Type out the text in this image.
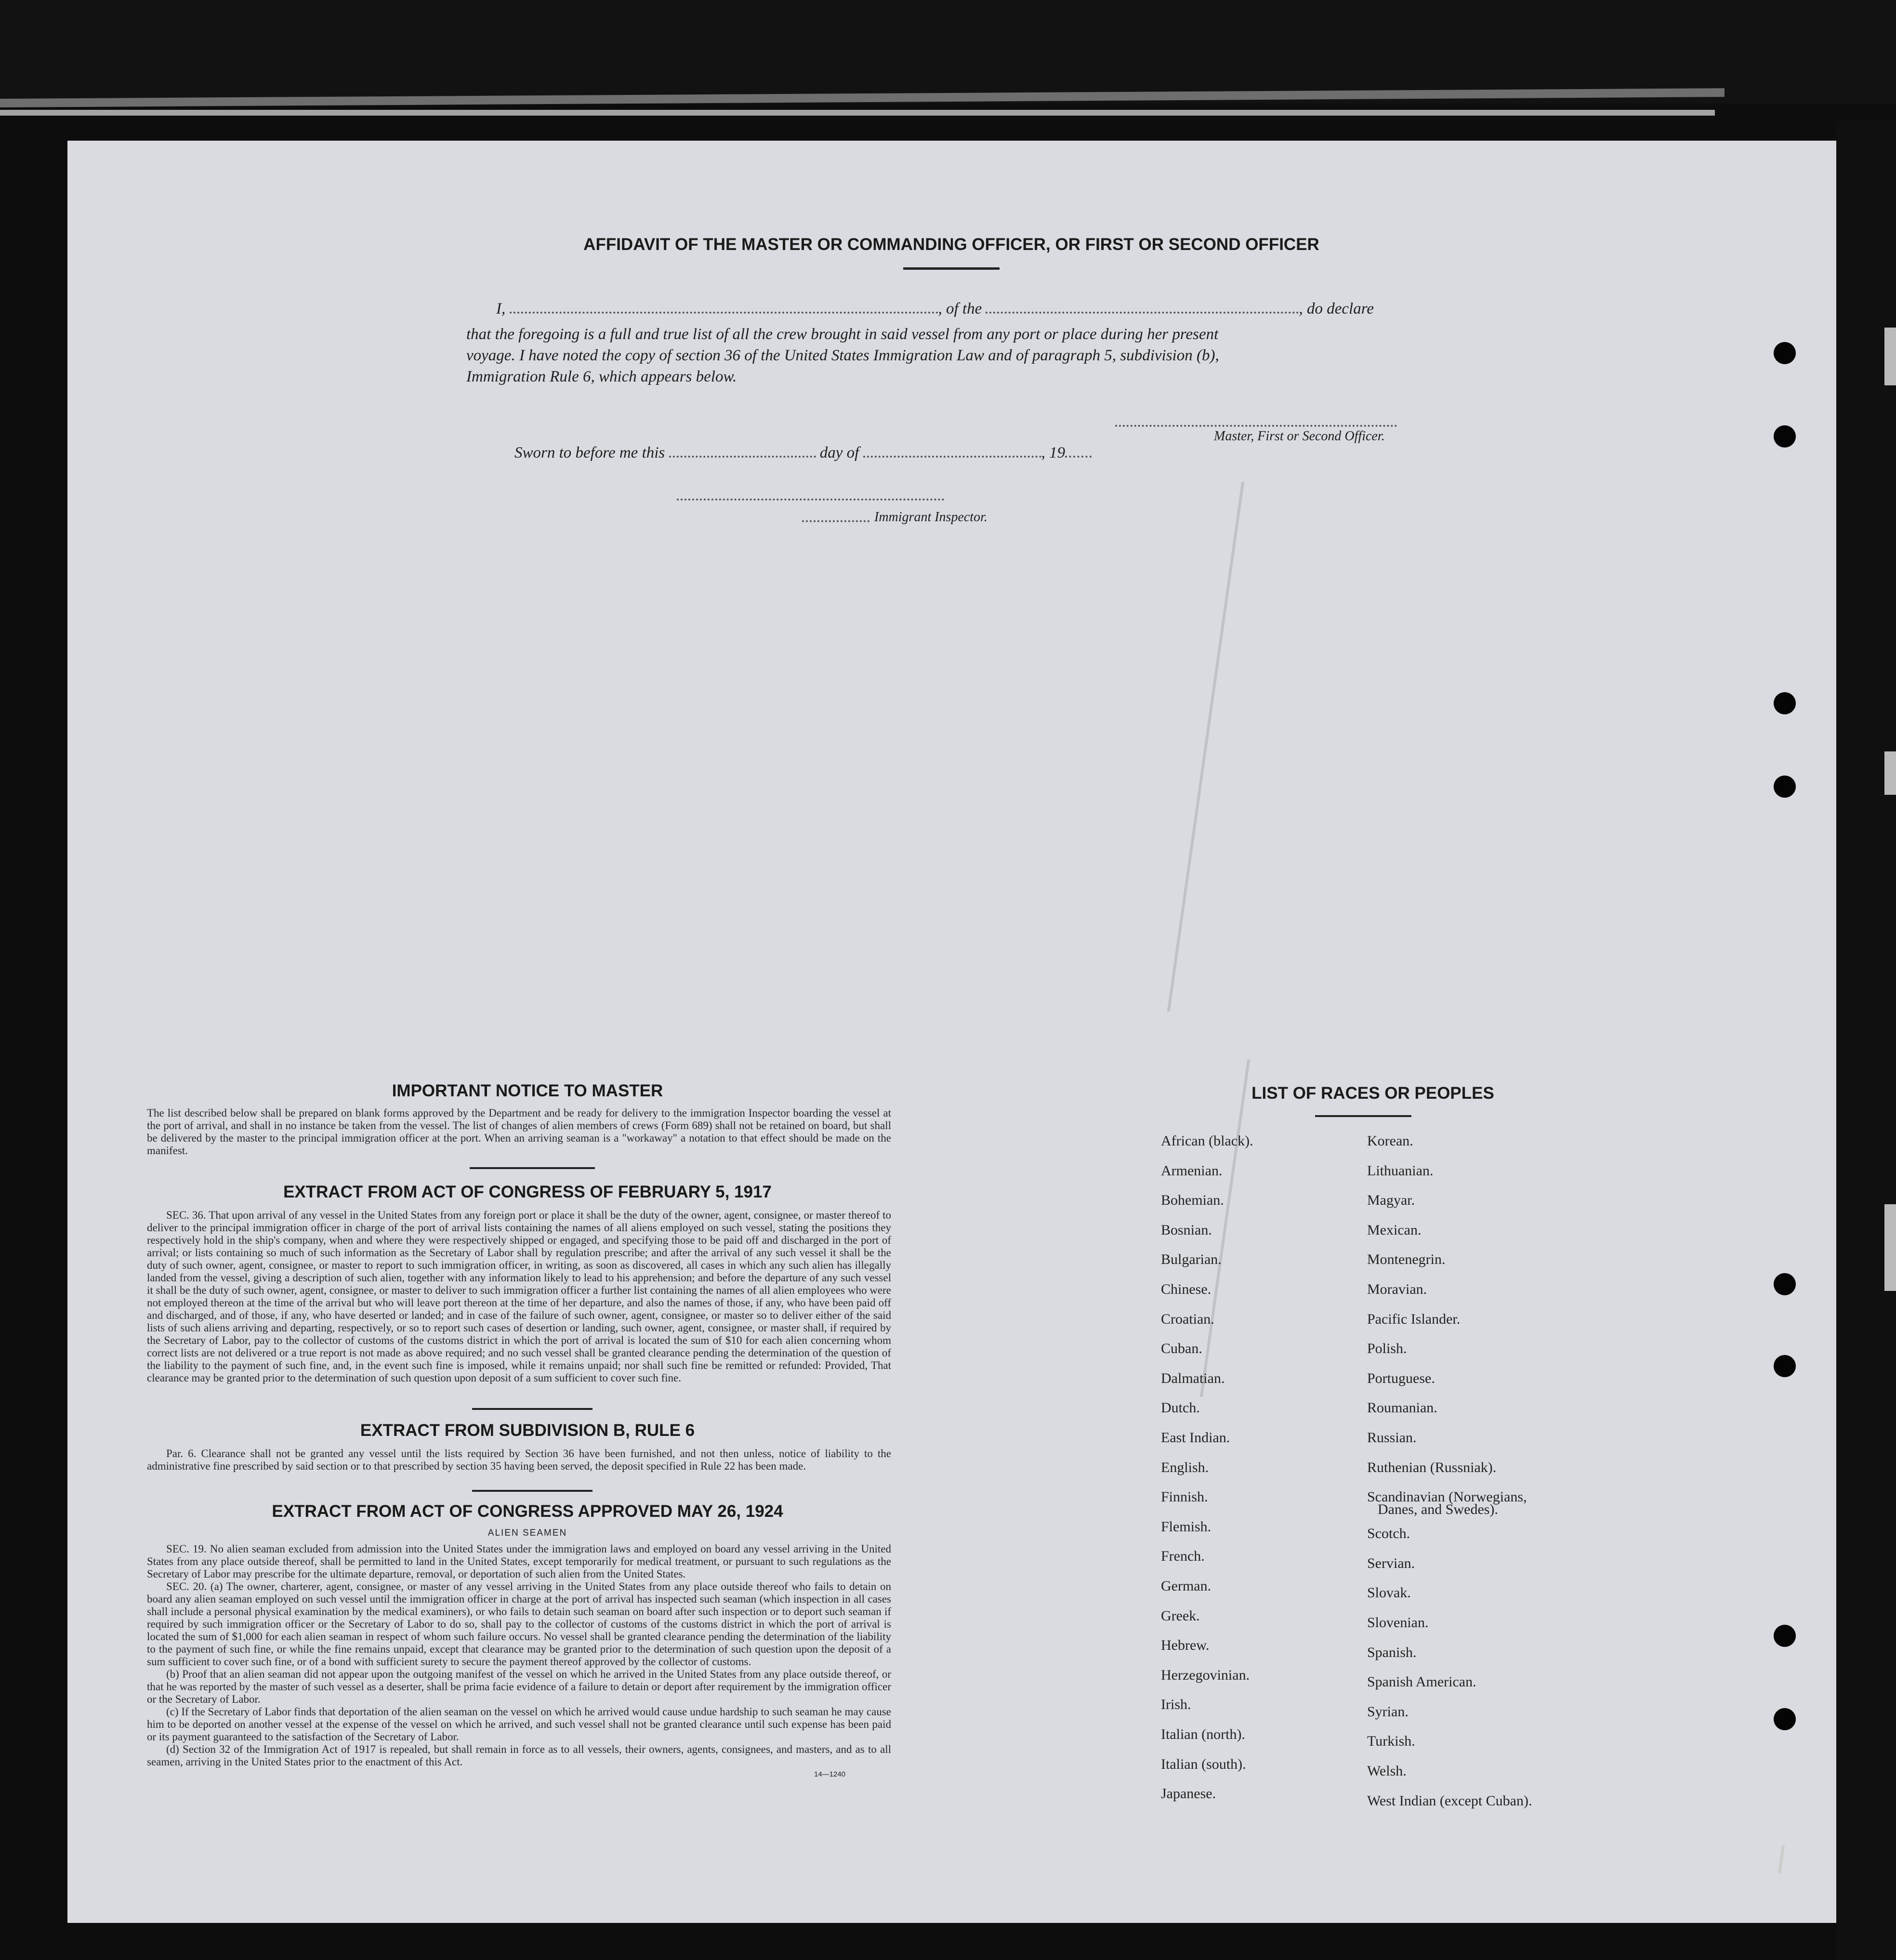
AFFIDAVIT OF THE MASTER OR COMMANDING OFFICER, OR FIRST OR SECOND OFFICER
I,	, of the	, do declare
that the foregoing is a full and true list of all the crew brought in said vessel from any port or place during her present
voyage. I have noted the copy of section 36 of the United States Immigration Law and of paragraph 5, subdivision (b),
Immigration Rule 6, which appears below.
Master, First or Second Officer.
Sworn to before me this	day of	, 19
Immigrant Inspector.
IMPORTANT NOTICE TO MASTER
The list described below shall be prepared on blank forms approved by the Department and be ready for delivery to the immigration Inspector boarding the vessel at the port of arrival, and shall in no instance be taken from the vessel. The list of changes of alien members of crews (Form 689) shall not be retained on board, but shall be delivered by the master to the principal immigration officer at the port. When an arriving seaman is a "workaway" a notation to that effect should be made on the manifest.
EXTRACT FROM ACT OF CONGRESS OF FEBRUARY 5, 1917
SEC. 36. That upon arrival of any vessel in the United States from any foreign port or place it shall be the duty of the owner, agent, consignee, or master thereof to deliver to the principal immigration officer in charge of the port of arrival lists containing the names of all aliens employed on such vessel, stating the positions they respectively hold in the ship's company, when and where they were respectively shipped or engaged, and specifying those to be paid off and discharged in the port of arrival; or lists containing so much of such information as the Secretary of Labor shall by regulation prescribe; and after the arrival of any such vessel it shall be the duty of such owner, agent, consignee, or master to report to such immigration officer, in writing, as soon as discovered, all cases in which any such alien has illegally landed from the vessel, giving a description of such alien, together with any information likely to lead to his apprehension; and before the departure of any such vessel it shall be the duty of such owner, agent, consignee, or master to deliver to such immigration officer a further list containing the names of all alien employees who were not employed thereon at the time of the arrival but who will leave port thereon at the time of her departure, and also the names of those, if any, who have been paid off and discharged, and of those, if any, who have deserted or landed; and in case of the failure of such owner, agent, consignee, or master so to deliver either of the said lists of such aliens arriving and departing, respectively, or so to report such cases of desertion or landing, such owner, agent, consignee, or master shall, if required by the Secretary of Labor, pay to the collector of customs of the customs district in which the port of arrival is located the sum of $10 for each alien concerning whom correct lists are not delivered or a true report is not made as above required; and no such vessel shall be granted clearance pending the determination of the question of the liability to the payment of such fine, and, in the event such fine is imposed, while it remains unpaid; nor shall such fine be remitted or refunded: Provided, That clearance may be granted prior to the determination of such question upon deposit of a sum sufficient to cover such fine.
EXTRACT FROM SUBDIVISION B, RULE 6
Par. 6. Clearance shall not be granted any vessel until the lists required by Section 36 have been furnished, and not then unless, notice of liability to the administrative fine prescribed by said section or to that prescribed by section 35 having been served, the deposit specified in Rule 22 has been made.
EXTRACT FROM ACT OF CONGRESS APPROVED MAY 26, 1924
ALIEN SEAMEN

SEC. 19. No alien seaman excluded from admission into the United States under the immigration laws and employed on board any vessel arriving in the United States from any place outside thereof, shall be permitted to land in the United States, except temporarily for medical treatment, or pursuant to such regulations as the Secretary of Labor may prescribe for the ultimate departure, removal, or deportation of such alien from the United States.

SEC. 20. (a) The owner, charterer, agent, consignee, or master of any vessel arriving in the United States from any place outside thereof who fails to detain on board any alien seaman employed on such vessel until the immigration officer in charge at the port of arrival has inspected such seaman (which inspection in all cases shall include a personal physical examination by the medical examiners), or who fails to detain such seaman on board after such inspection or to deport such seaman if required by such immigration officer or the Secretary of Labor to do so, shall pay to the collector of customs of the customs district in which the port of arrival is located the sum of $1,000 for each alien seaman in respect of whom such failure occurs. No vessel shall be granted clearance pending the determination of the liability to the payment of such fine, or while the fine remains unpaid, except that clearance may be granted prior to the determination of such question upon the deposit of a sum sufficient to cover such fine, or of a bond with sufficient surety to secure the payment thereof approved by the collector of customs.

(b) Proof that an alien seaman did not appear upon the outgoing manifest of the vessel on which he arrived in the United States from any place outside thereof, or that he was reported by the master of such vessel as a deserter, shall be prima facie evidence of a failure to detain or deport after requirement by the immigration officer or the Secretary of Labor.

(c) If the Secretary of Labor finds that deportation of the alien seaman on the vessel on which he arrived would cause undue hardship to such seaman he may cause him to be deported on another vessel at the expense of the vessel on which he arrived, and such vessel shall not be granted clearance until such expense has been paid or its payment guaranteed to the satisfaction of the Secretary of Labor.

(d) Section 32 of the Immigration Act of 1917 is repealed, but shall remain in force as to all vessels, their owners, agents, consignees, and masters, and as to all seamen, arriving in the United States prior to the enactment of this Act.

14—1240
LIST OF RACES OR PEOPLES
African (black).
Armenian.
Bohemian.
Bosnian.
Bulgarian.
Chinese.
Croatian.
Cuban.
Dalmatian.
Dutch.
East Indian.
English.
Finnish.
Flemish.
French.
German.
Greek.
Hebrew.
Herzegovinian.
Irish.
Italian (north).
Italian (south).
Japanese.
Korean.
Lithuanian.
Magyar.
Mexican.
Montenegrin.
Moravian.
Pacific Islander.
Polish.
Portuguese.
Roumanian.
Russian.
Ruthenian (Russniak).
Scandinavian (Norwegians,
Danes, and Swedes).
Scotch.
Servian.
Slovak.
Slovenian.
Spanish.
Spanish American.
Syrian.
Turkish.
Welsh.
West Indian (except Cuban).
